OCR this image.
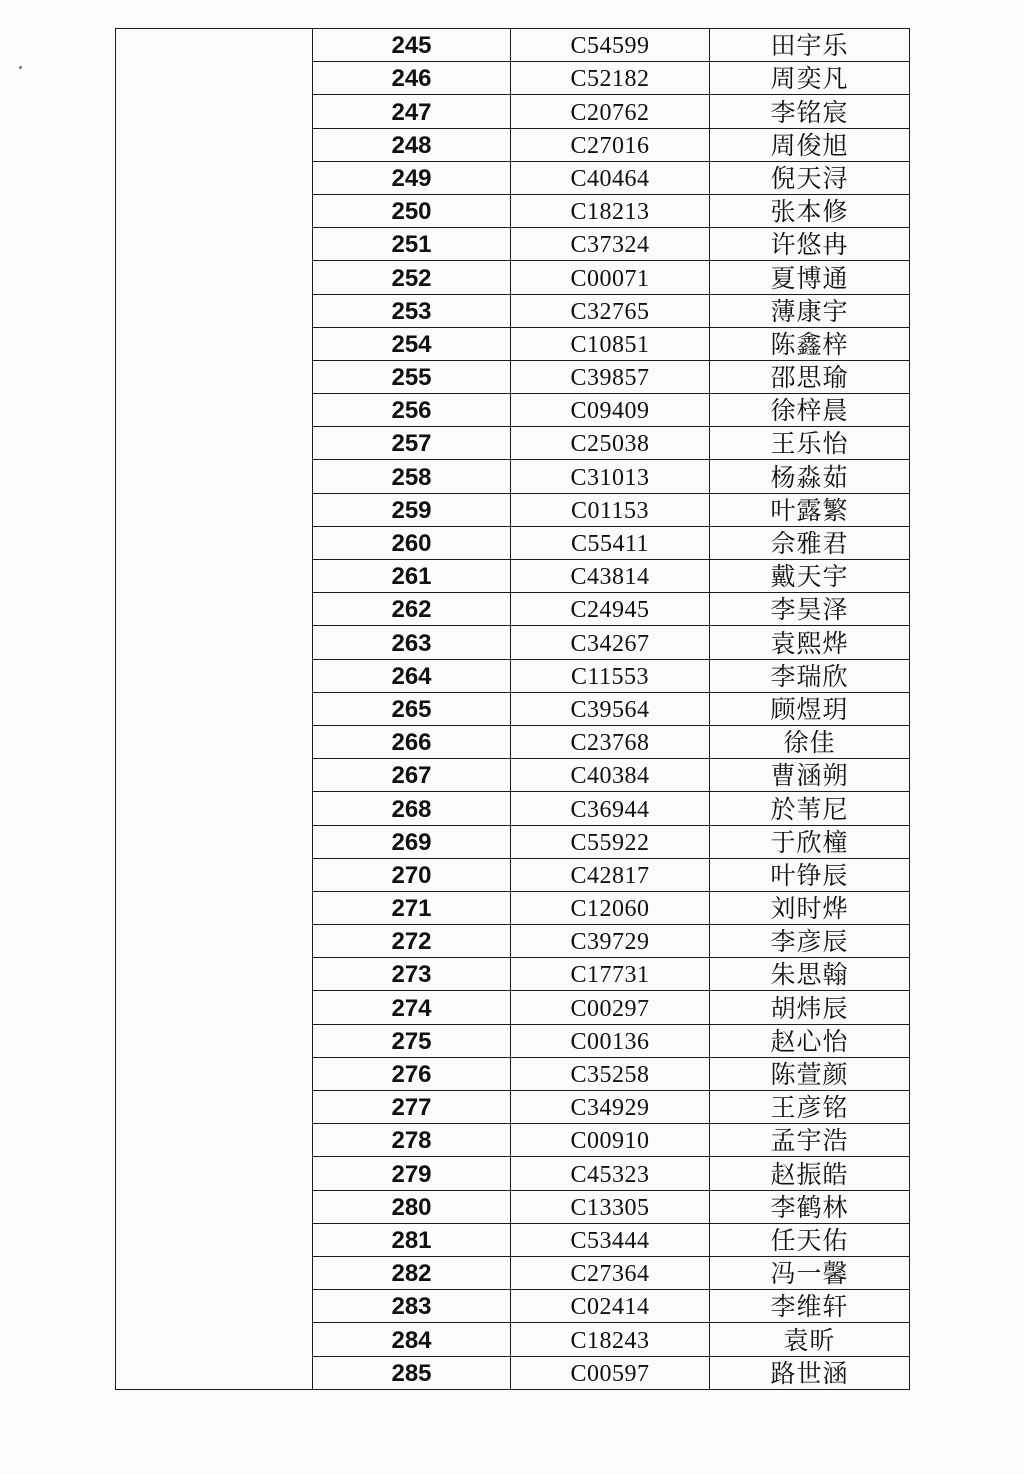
	245	C54599	田宇乐
	246	C52182	周奕凡
	247	C20762	李铭宸
	248	C27016	周俊旭
	249	C40464	倪天浔
	250	C18213	张本修
	251	C37324	许悠冉
	252	C00071	夏博通
	253	C32765	薄康宇
	254	C10851	陈鑫梓
	255	C39857	邵思瑜
	256	C09409	徐梓晨
	257	C25038	王乐怡
	258	C31013	杨淼茹
	259	C01153	叶露繁
	260	C55411	佘雅君
	261	C43814	戴天宇
	262	C24945	李昊泽
	263	C34267	袁熙烨
	264	C11553	李瑞欣
	265	C39564	顾煜玥
	266	C23768	徐佳
	267	C40384	曹涵朔
	268	C36944	於苇尼
	269	C55922	于欣橦
	270	C42817	叶铮辰
	271	C12060	刘时烨
	272	C39729	李彦辰
	273	C17731	朱思翰
	274	C00297	胡炜辰
	275	C00136	赵心怡
	276	C35258	陈萱颜
	277	C34929	王彦铭
	278	C00910	孟宇浩
	279	C45323	赵振皓
	280	C13305	李鹤林
	281	C53444	任天佑
	282	C27364	冯一馨
	283	C02414	李维轩
	284	C18243	袁昕
	285	C00597	路世涵
